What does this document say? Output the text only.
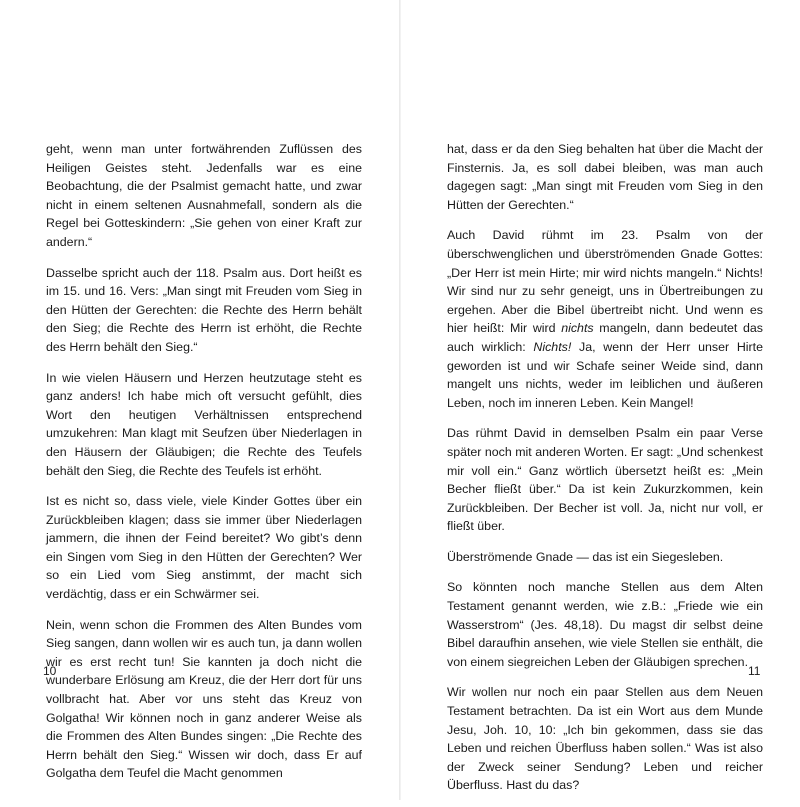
geht, wenn man unter fortwährenden Zuflüssen des Heiligen Geistes steht. Jedenfalls war es eine Beobachtung, die der Psalmist gemacht hatte, und zwar nicht in einem seltenen Ausnahmefall, sondern als die Regel bei Gotteskindern: „Sie gehen von einer Kraft zur andern.“

Dasselbe spricht auch der 118. Psalm aus. Dort heißt es im 15. und 16. Vers: „Man singt mit Freuden vom Sieg in den Hütten der Gerechten: die Rechte des Herrn behält den Sieg; die Rechte des Herrn ist erhöht, die Rechte des Herrn behält den Sieg.“

In wie vielen Häusern und Herzen heutzutage steht es ganz anders! Ich habe mich oft versucht gefühlt, dies Wort den heutigen Verhältnissen entsprechend umzukehren: Man klagt mit Seufzen über Niederlagen in den Häusern der Gläubigen; die Rechte des Teufels behält den Sieg, die Rechte des Teufels ist erhöht.

Ist es nicht so, dass viele, viele Kinder Gottes über ein Zurückbleiben klagen; dass sie immer über Niederlagen jammern, die ihnen der Feind bereitet? Wo gibt’s denn ein Singen vom Sieg in den Hütten der Gerechten? Wer so ein Lied vom Sieg anstimmt, der macht sich verdächtig, dass er ein Schwärmer sei.

Nein, wenn schon die Frommen des Alten Bundes vom Sieg sangen, dann wollen wir es auch tun, ja dann wollen wir es erst recht tun! Sie kannten ja doch nicht die wunderbare Erlösung am Kreuz, die der Herr dort für uns vollbracht hat. Aber vor uns steht das Kreuz von Golgatha! Wir können noch in ganz anderer Weise als die Frommen des Alten Bundes singen: „Die Rechte des Herrn behält den Sieg.“ Wissen wir doch, dass Er auf Golgatha dem Teufel die Macht genommen

10

hat, dass er da den Sieg behalten hat über die Macht der Finsternis. Ja, es soll dabei bleiben, was man auch dagegen sagt: „Man singt mit Freuden vom Sieg in den Hütten der Gerechten.“

Auch David rühmt im 23. Psalm von der überschwenglichen und überströmenden Gnade Gottes: „Der Herr ist mein Hirte; mir wird nichts mangeln.“ Nichts! Wir sind nur zu sehr geneigt, uns in Übertreibungen zu ergehen. Aber die Bibel übertreibt nicht. Und wenn es hier heißt: Mir wird nichts mangeln, dann bedeutet das auch wirklich: Nichts! Ja, wenn der Herr unser Hirte geworden ist und wir Schafe seiner Weide sind, dann mangelt uns nichts, weder im leiblichen und äußeren Leben, noch im inneren Leben. Kein Mangel!

Das rühmt David in demselben Psalm ein paar Verse später noch mit anderen Worten. Er sagt: „Und schenkest mir voll ein.“ Ganz wörtlich übersetzt heißt es: „Mein Becher fließt über.“ Da ist kein Zukurzkommen, kein Zurückbleiben. Der Becher ist voll. Ja, nicht nur voll, er fließt über.

Überströmende Gnade — das ist ein Siegesleben.

So könnten noch manche Stellen aus dem Alten Testament genannt werden, wie z.B.: „Friede wie ein Wasserstrom“ (Jes. 48,18). Du magst dir selbst deine Bibel daraufhin ansehen, wie viele Stellen sie enthält, die von einem siegreichen Leben der Gläubigen sprechen.

Wir wollen nur noch ein paar Stellen aus dem Neuen Testament betrachten. Da ist ein Wort aus dem Munde Jesu, Joh. 10, 10: „Ich bin gekommen, dass sie das Leben und reichen Überfluss haben sollen.“ Was ist also der Zweck seiner Sendung? Leben und reicher Überfluss. Hast du das?

11
